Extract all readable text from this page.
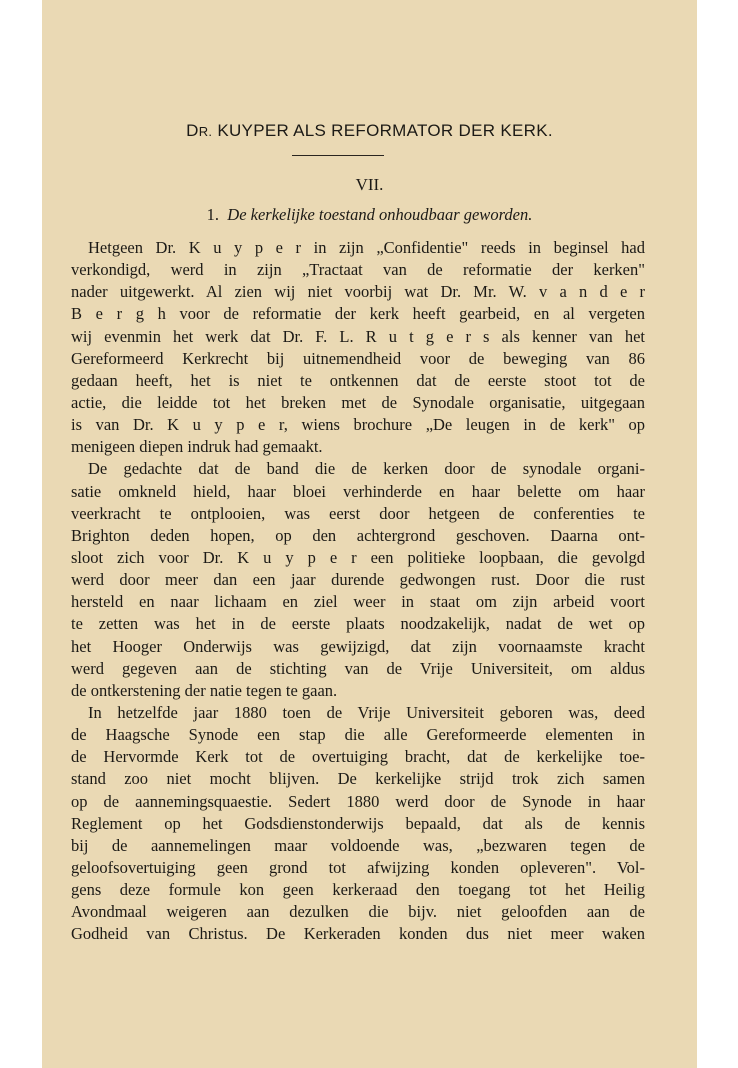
DR. KUYPER ALS REFORMATOR DER KERK.
VII.
1. De kerkelijke toestand onhoudbaar geworden.
Hetgeen Dr. K u y p e r in zijn „Confidentie" reeds in beginsel had
verkondigd, werd in zijn „Tractaat van de reformatie der kerken"
nader uitgewerkt. Al zien wij niet voorbij wat Dr. Mr. W. v a n d e r
B e r g h voor de reformatie der kerk heeft gearbeid, en al vergeten
wij evenmin het werk dat Dr. F. L. R u t g e r s als kenner van het
Gereformeerd Kerkrecht bij uitnemendheid voor de beweging van 86
gedaan heeft, het is niet te ontkennen dat de eerste stoot tot de
actie, die leidde tot het breken met de Synodale organisatie, uitgegaan
is van Dr. K u y p e r, wiens brochure „De leugen in de kerk" op
menigeen diepen indruk had gemaakt.
De gedachte dat de band die de kerken door de synodale organi-
satie omkneld hield, haar bloei verhinderde en haar belette om haar
veerkracht te ontplooien, was eerst door hetgeen de conferenties te
Brighton deden hopen, op den achtergrond geschoven. Daarna ont-
sloot zich voor Dr. K u y p e r een politieke loopbaan, die gevolgd
werd door meer dan een jaar durende gedwongen rust. Door die rust
hersteld en naar lichaam en ziel weer in staat om zijn arbeid voort
te zetten was het in de eerste plaats noodzakelijk, nadat de wet op
het Hooger Onderwijs was gewijzigd, dat zijn voornaamste kracht
werd gegeven aan de stichting van de Vrije Universiteit, om aldus
de ontkerstening der natie tegen te gaan.
In hetzelfde jaar 1880 toen de Vrije Universiteit geboren was, deed
de Haagsche Synode een stap die alle Gereformeerde elementen in
de Hervormde Kerk tot de overtuiging bracht, dat de kerkelijke toe-
stand zoo niet mocht blijven. De kerkelijke strijd trok zich samen
op de aannemingsquaestie. Sedert 1880 werd door de Synode in haar
Reglement op het Godsdienstonderwijs bepaald, dat als de kennis
bij de aannemelingen maar voldoende was, „bezwaren tegen de
geloofsovertuiging geen grond tot afwijzing konden opleveren". Vol-
gens deze formule kon geen kerkeraad den toegang tot het Heilig
Avondmaal weigeren aan dezulken die bijv. niet geloofden aan de
Godheid van Christus. De Kerkeraden konden dus niet meer waken
